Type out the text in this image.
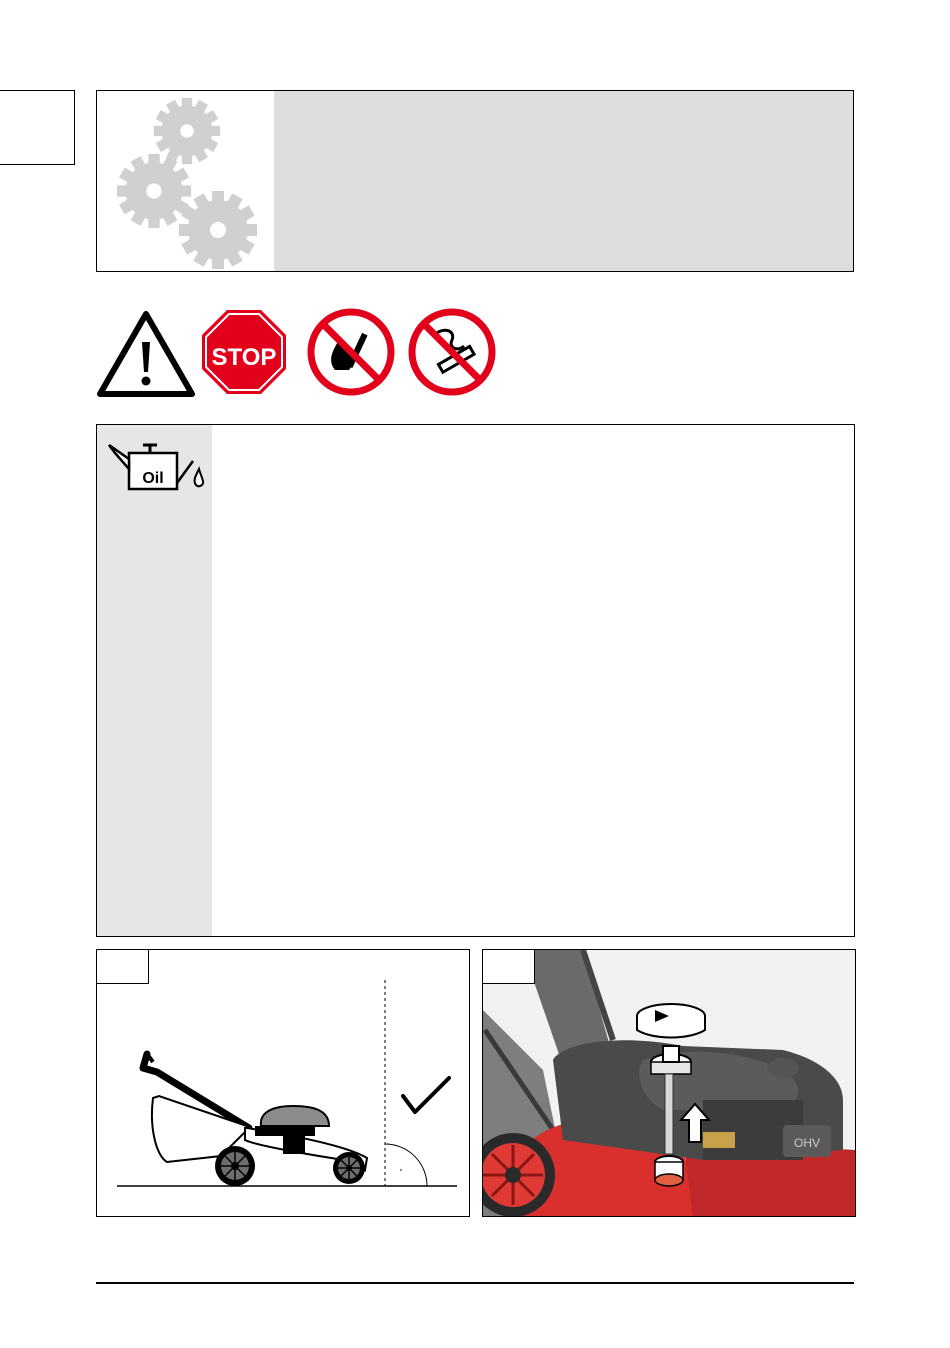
STOP
Oil
OHV
